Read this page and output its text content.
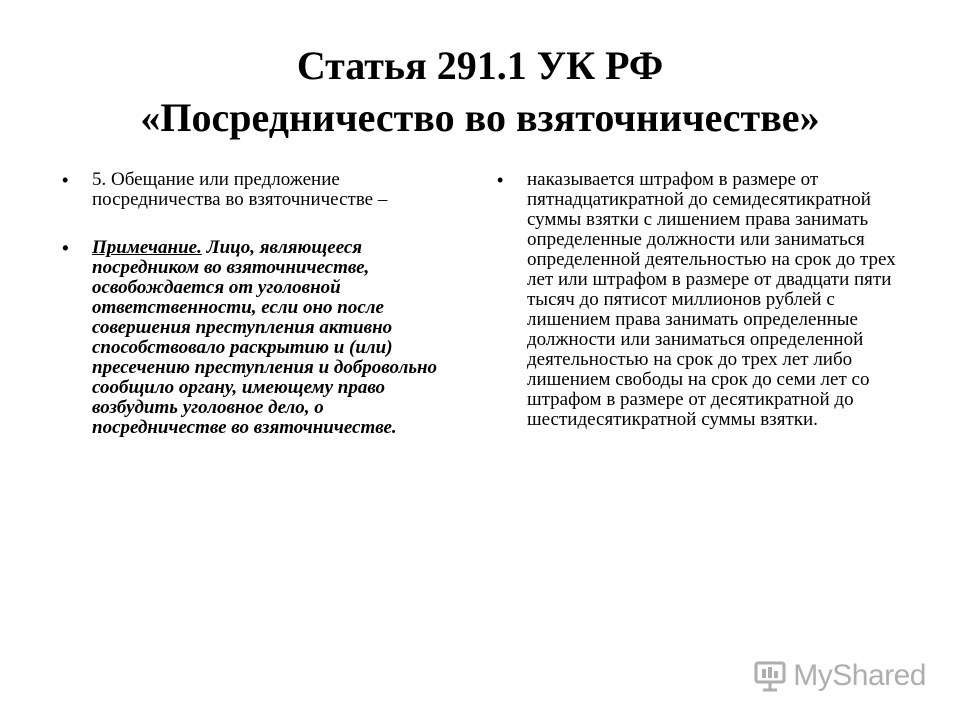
Статья 291.1 УК РФ
«Посредничество во взяточничестве»
• 5. Обещание или предложение посредничества во взяточничестве –
• Примечание. Лицо, являющееся посредником во взяточничестве, освобождается от уголовной ответственности, если оно после совершения преступления активно способствовало раскрытию и (или) пресечению преступления и добровольно сообщило органу, имеющему право возбудить уголовное дело, о посредничестве во взяточничестве.
• наказывается штрафом в размере от пятнадцатикратной до семидесятикратной суммы взятки с лишением права занимать определенные должности или заниматься определенной деятельностью на срок до трех лет или штрафом в размере от двадцати пяти тысяч до пятисот миллионов рублей с лишением права занимать определенные должности или заниматься определенной деятельностью на срок до трех лет либо лишением свободы на срок до семи лет со штрафом в размере от десятикратной до шестидесятикратной суммы взятки.
MyShared
